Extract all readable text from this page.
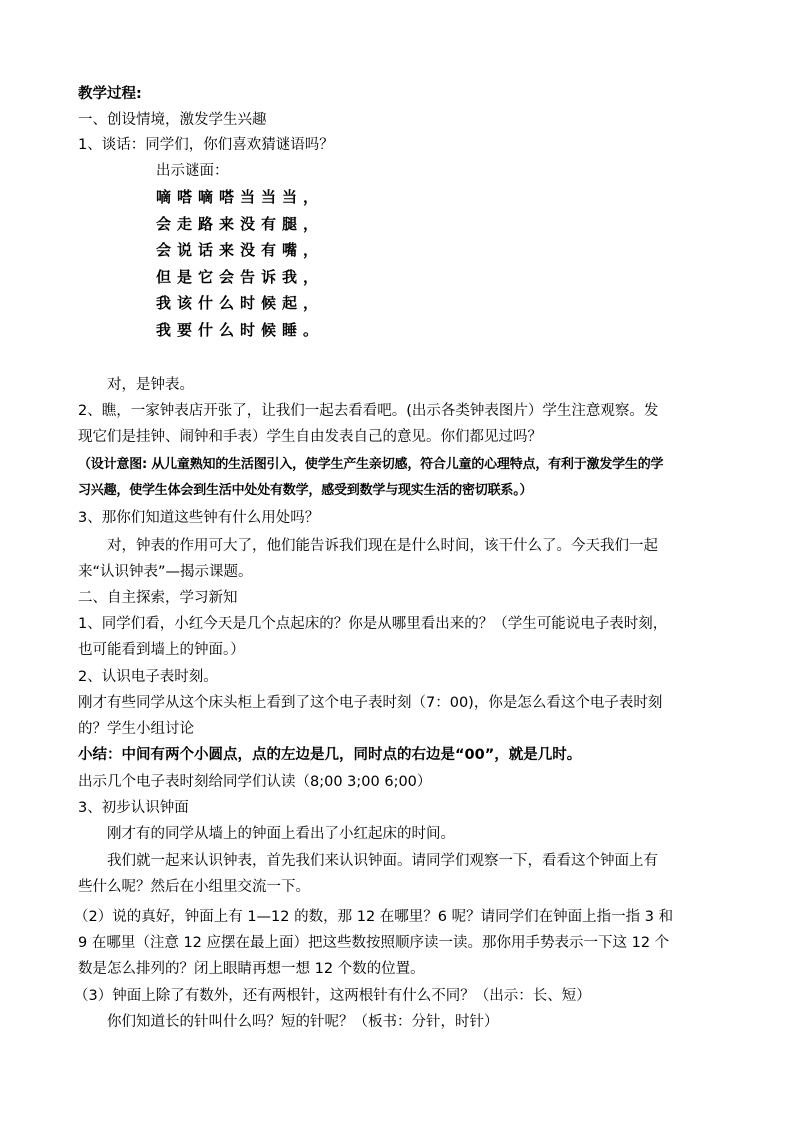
教学过程:
一、创设情境，激发学生兴趣
1、谈话：同学们，你们喜欢猜谜语吗？
出示谜面：
嘀嗒嘀嗒当当当，
会走路来没有腿，
会说话来没有嘴，
但是它会告诉我，
我该什么时候起，
我要什么时候睡。
对，是钟表。
2、瞧，一家钟表店开张了，让我们一起去看看吧。(出示各类钟表图片）学生注意观察。发
现它们是挂钟、闹钟和手表）学生自由发表自己的意见。你们都见过吗？
（设计意图: 从儿童熟知的生活图引入，使学生产生亲切感，符合儿童的心理特点，有利于激发学生的学
习兴趣，使学生体会到生活中处处有数学，感受到数学与现实生活的密切联系。）
3、那你们知道这些钟有什么用处吗？
对，钟表的作用可大了，他们能告诉我们现在是什么时间，该干什么了。今天我们一起
来“认识钟表”—揭示课题。
二、自主探索，学习新知
1、同学们看，小红今天是几个点起床的？你是从哪里看出来的？（学生可能说电子表时刻，
也可能看到墙上的钟面。）
2、认识电子表时刻。
刚才有些同学从这个床头柜上看到了这个电子表时刻（7：00)，你是怎么看这个电子表时刻
的？学生小组讨论
小结：中间有两个小圆点，点的左边是几，同时点的右边是“00”，就是几时。
出示几个电子表时刻给同学们认读（8;00 3;00 6;00）
3、初步认识钟面
刚才有的同学从墙上的钟面上看出了小红起床的时间。
我们就一起来认识钟表，首先我们来认识钟面。请同学们观察一下，看看这个钟面上有
些什么呢？然后在小组里交流一下。
（2）说的真好，钟面上有 1—12 的数，那 12 在哪里？6 呢？请同学们在钟面上指一指 3 和
9 在哪里（注意 12 应摆在最上面）把这些数按照顺序读一读。那你用手势表示一下这 12 个
数是怎么排列的？闭上眼睛再想一想 12 个数的位置。
（3）钟面上除了有数外，还有两根针，这两根针有什么不同？（出示：长、短）
你们知道长的针叫什么吗？短的针呢？（板书：分针，时针）
